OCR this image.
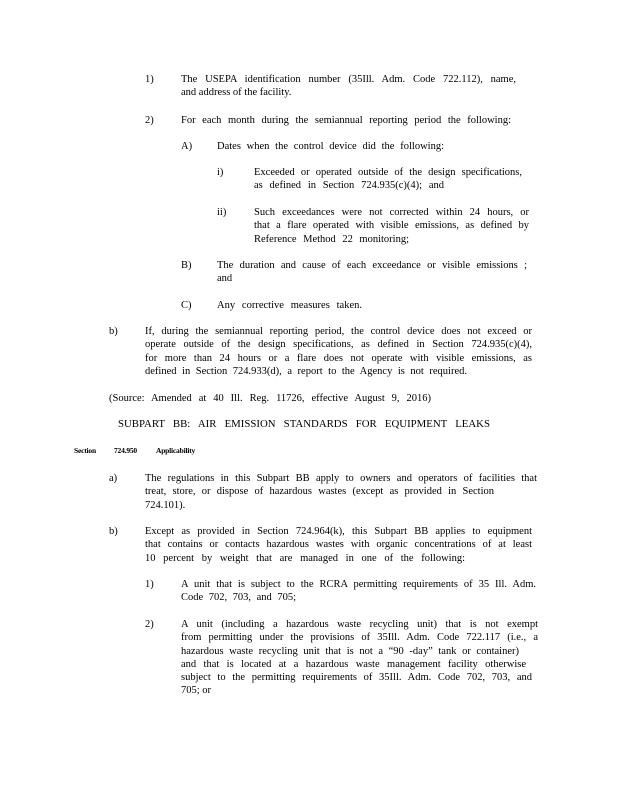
1)	The USEPA identification number (35Ill. Adm. Code 722.112), name,
and address of the facility.
2)	For each month during the semiannual reporting period the following:
A) Dates when the control device did the following:
i)	Exceeded or operated outside of the design specifications,
as defined in Section 724.935(c)(4); and
ii)	Such exceedances were not corrected within 24 hours, or
that a flare operated with visible emissions, as defined by
Reference Method 22 monitoring;
B) The duration and cause of each exceedance or visible emissions ;
and
C) Any corrective measures taken.
b)	If, during the semiannual reporting period, the control device does not exceed or
operate outside of the design specifications, as defined in Section 724.935(c)(4),
for more than 24 hours or a flare does not operate with visible emissions, as
defined in Section 724.933(d), a report to the Agency is not required.
(Source: Amended at 40 Ill. Reg. 11726, effective August 9, 2016)
SUBPART BB: AIR EMISSION STANDARDS FOR EQUIPMENT LEAKS
Section 724.950	Applicability
a)	The regulations in this Subpart BB apply to owners and operators of facilities that
treat, store, or dispose of hazardous wastes (except as provided in Section
724.101).
b)	Except as provided in Section 724.964(k), this Subpart BB applies to equipment
that contains or contacts hazardous wastes with organic concentrations of at least
10 percent by weight that are managed in one of the following:
1)	A unit that is subject to the RCRA permitting requirements of 35 Ill. Adm.
Code 702, 703, and 705;
2)	A unit (including a hazardous waste recycling unit) that is not exempt
from permitting under the provisions of 35Ill. Adm. Code 722.117 (i.e., a
hazardous waste recycling unit that is not a “90 -day” tank or container)
and that is located at a hazardous waste management facility otherwise
subject to the permitting requirements of 35Ill. Adm. Code 702, 703, and
705; or
